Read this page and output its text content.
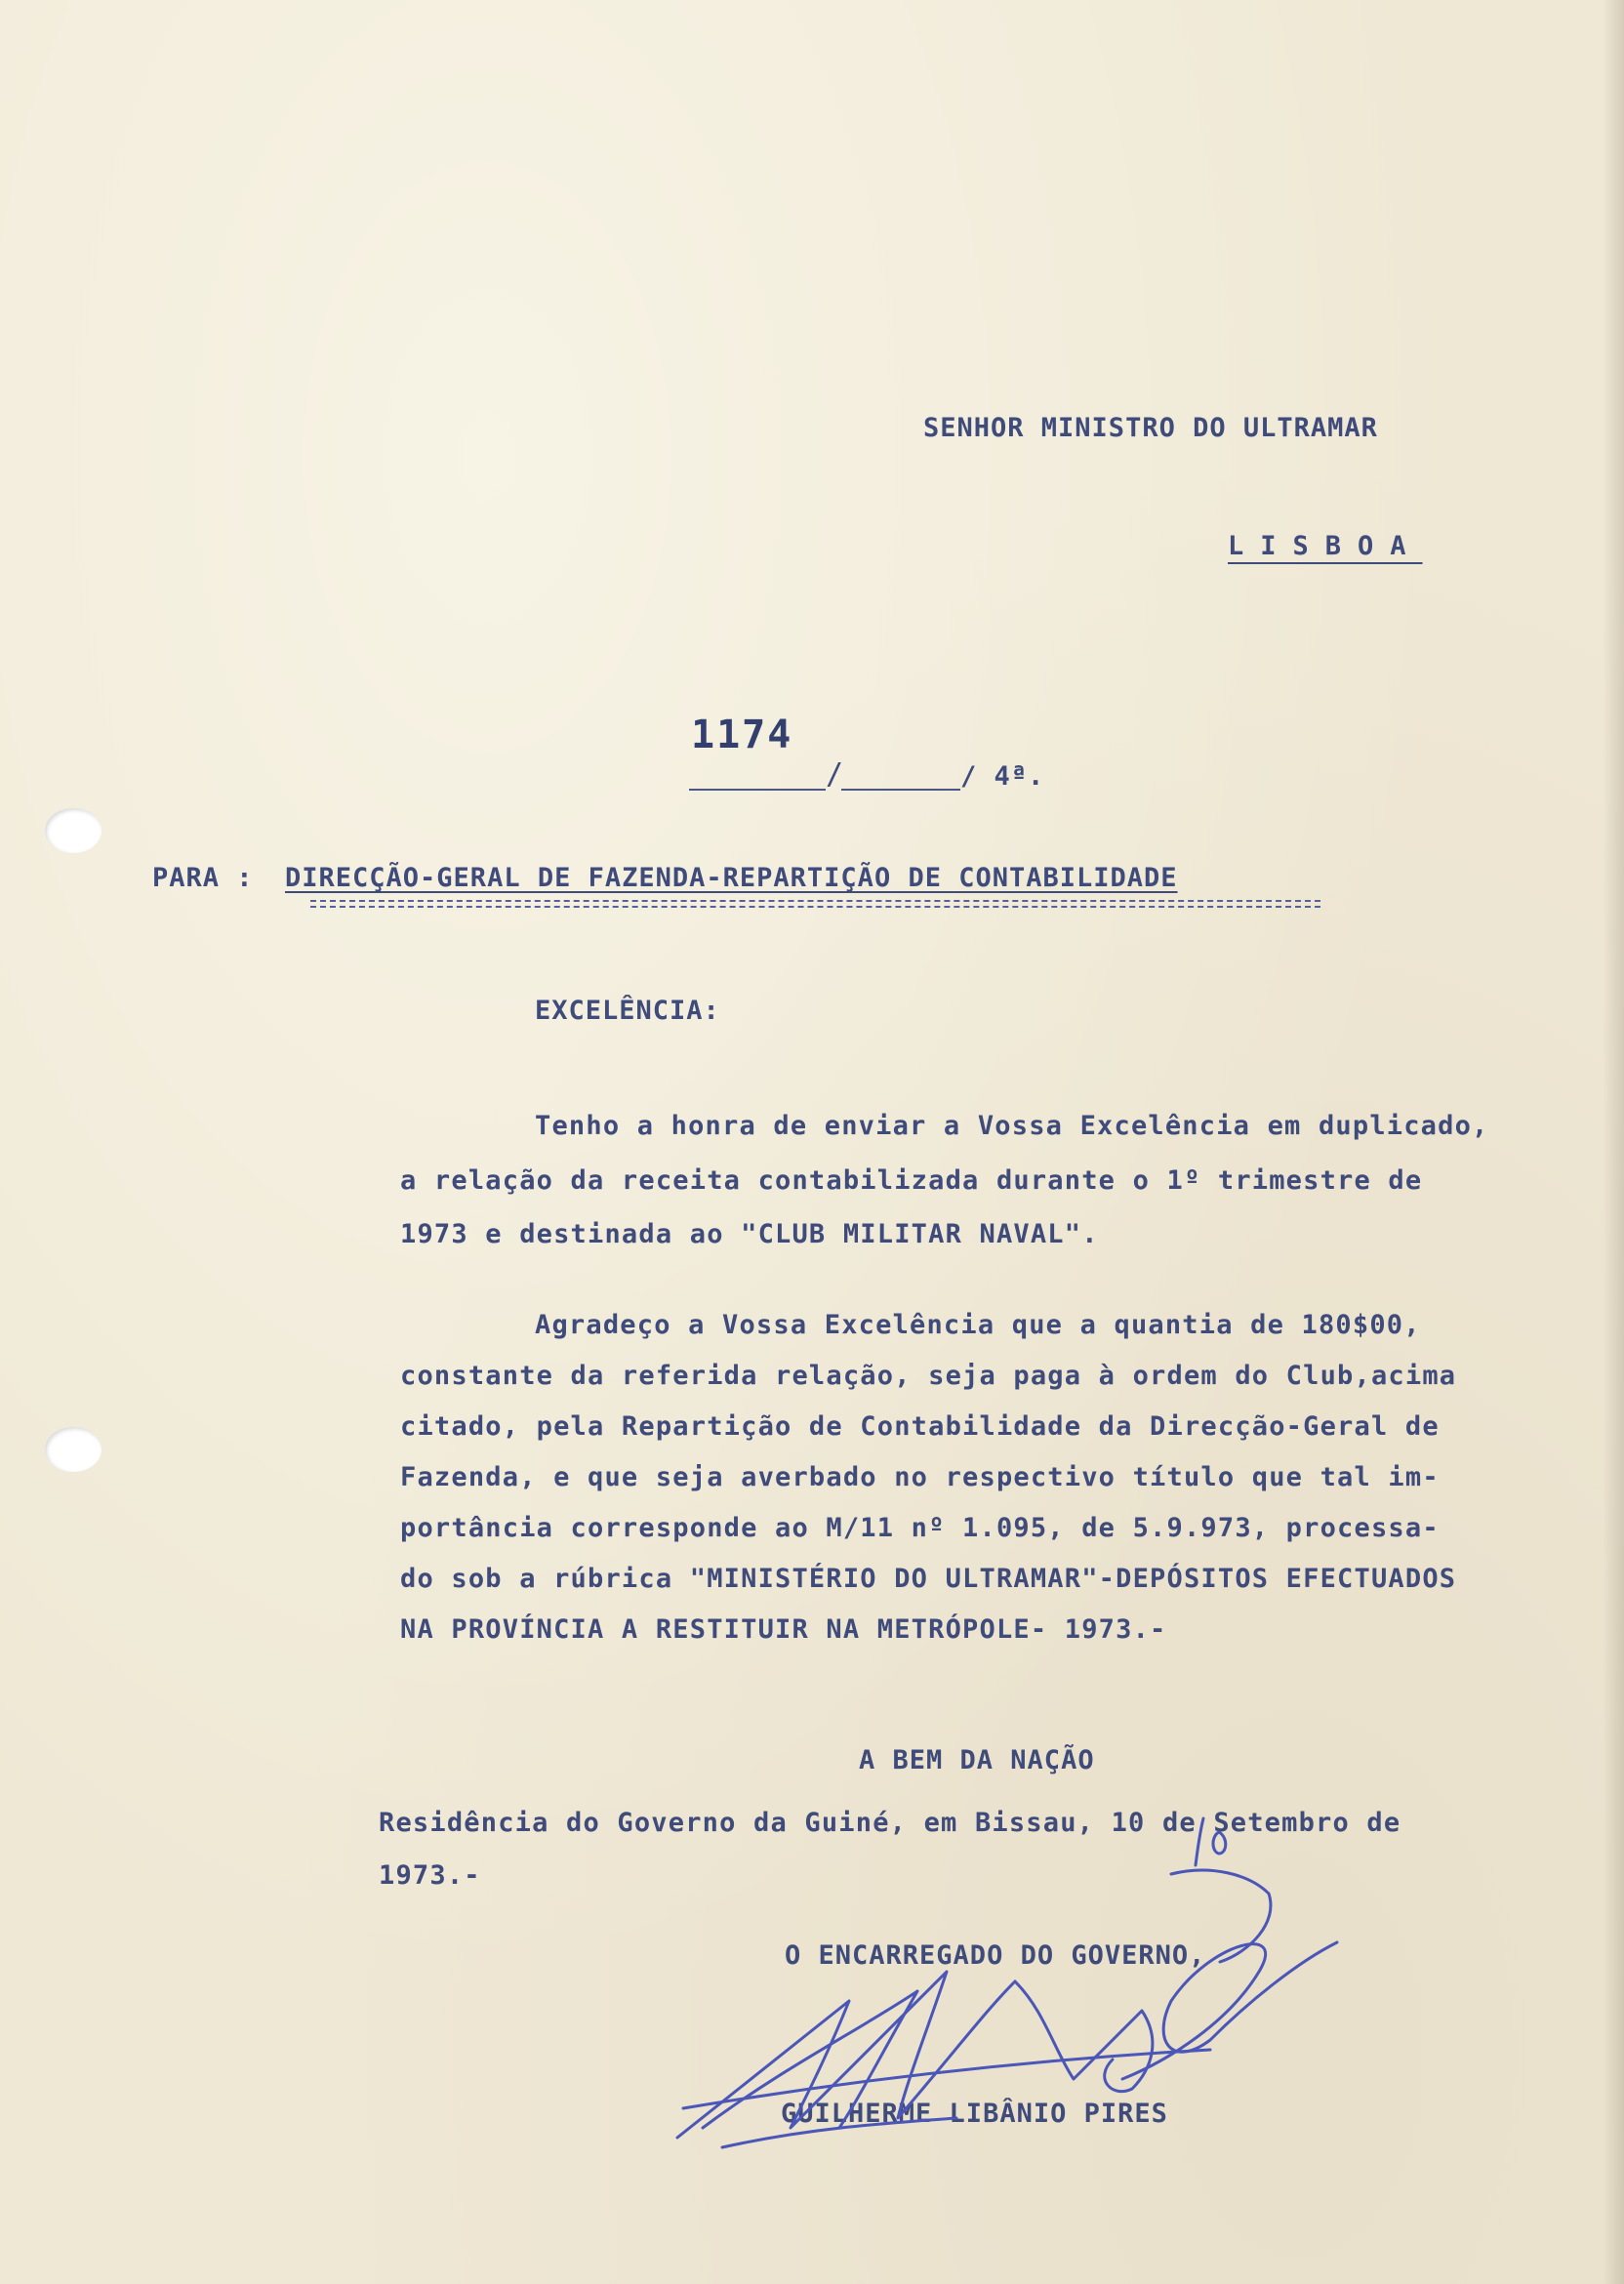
SENHOR MINISTRO DO ULTRAMAR

LISBOA

1174

/	/ 4ª.

PARA : DIRECÇÃO-GERAL DE FAZENDA-REPARTIÇÃO DE CONTABILIDADE

EXCELÊNCIA:

Tenho a honra de enviar a Vossa Excelência em duplicado,

a relação da receita contabilizada durante o 1º trimestre de

1973 e destinada ao "CLUB MILITAR NAVAL".

Agradeço a Vossa Excelência que a quantia de 180$00,

constante da referida relação, seja paga à ordem do Club,acima

citado, pela Repartição de Contabilidade da Direcção-Geral de

Fazenda, e que seja averbado no respectivo título que tal im-

portância corresponde ao M/11 nº 1.095, de 5.9.973, processa-

do sob a rúbrica "MINISTÉRIO DO ULTRAMAR"-DEPÓSITOS EFECTUADOS

NA PROVÍNCIA A RESTITUIR NA METRÓPOLE- 1973.-

A BEM DA NAÇÃO

Residência do Governo da Guiné, em Bissau, 10 de Setembro de

1973.-

O ENCARREGADO DO GOVERNO,

GUILHERME LIBÂNIO PIRES
